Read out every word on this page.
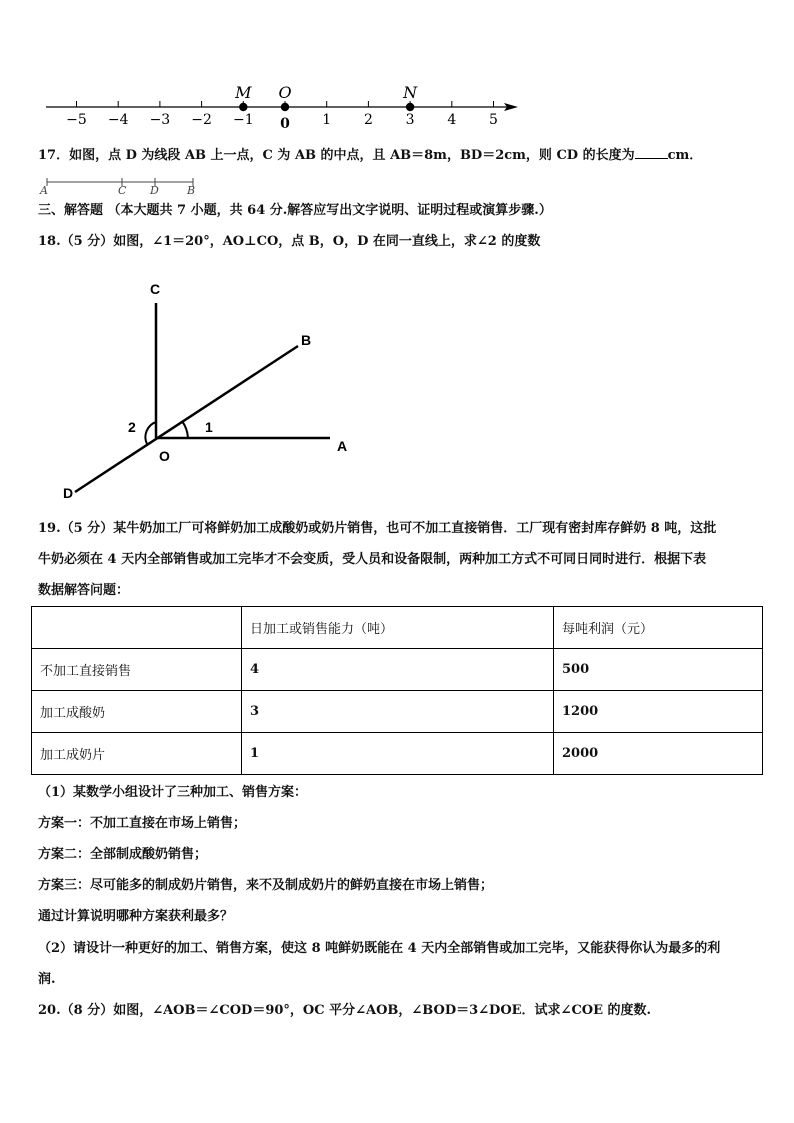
−5 −4 −3 −2 −1 0 1 2 3 4 5
M O	N
17．如图，点 D 为线段 AB 上一点，C 为 AB 的中点，且 AB＝8m，BD＝2cm，则 CD 的长度为	cm．
A	C D	B
三、解答题 （本大题共 7 小题，共 64 分.解答应写出文字说明、证明过程或演算步骤.）
18.（5 分）如图，∠1＝20°，AO⊥CO，点 B，O，D 在同一直线上，求∠2 的度数
C
B
A
O
D
1
2
19.（5 分）某牛奶加工厂可将鲜奶加工成酸奶或奶片销售，也可不加工直接销售．工厂现有密封库存鲜奶 8 吨，这批
牛奶必须在 4 天内全部销售或加工完毕才不会变质，受人员和设备限制，两种加工方式不可同日同时进行．根据下表
数据解答问题：
	日加工或销售能力（吨）	每吨利润（元）
不加工直接销售	4	500
加工成酸奶	3	1200
加工成奶片	1	2000
（1）某数学小组设计了三种加工、销售方案：
方案一：不加工直接在市场上销售；
方案二：全部制成酸奶销售；
方案三：尽可能多的制成奶片销售，来不及制成奶片的鲜奶直接在市场上销售；
通过计算说明哪种方案获利最多？
（2）请设计一种更好的加工、销售方案，使这 8 吨鲜奶既能在 4 天内全部销售或加工完毕，又能获得你认为最多的利
润.
20.（8 分）如图，∠AOB＝∠COD＝90°，OC 平分∠AOB，∠BOD＝3∠DOE．试求∠COE 的度数.
